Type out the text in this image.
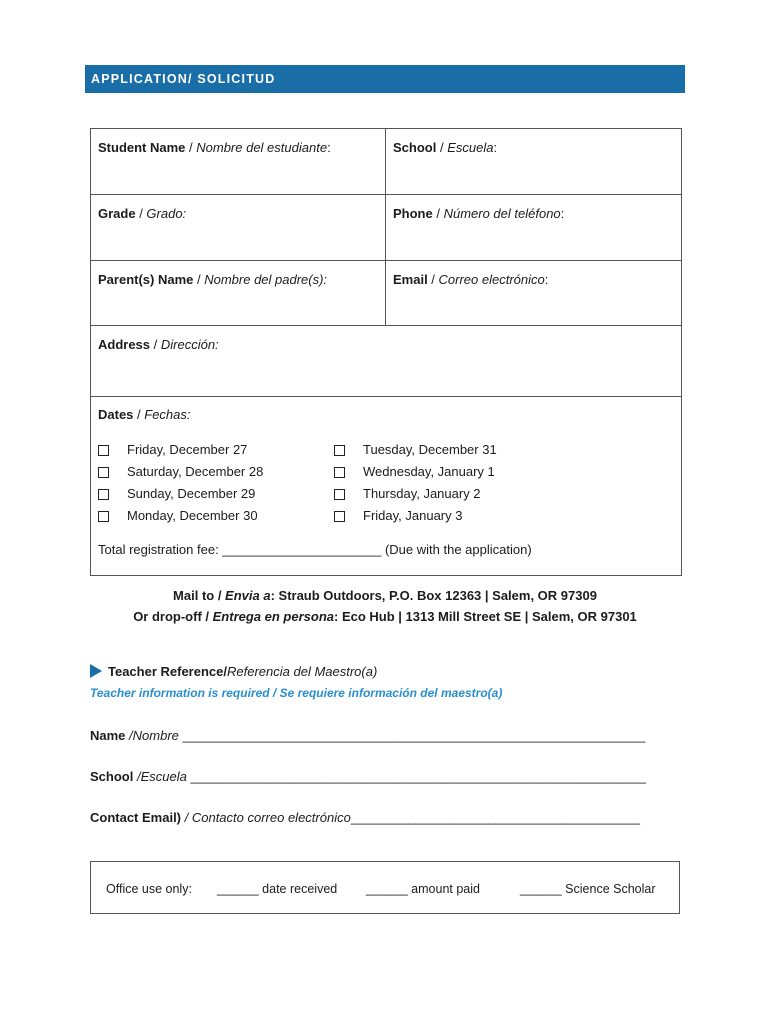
APPLICATION/ SOLICITUD
Student Name / Nombre del estudiante:	School / Escuela:
Grade / Grado:	Phone / Número del teléfono:
Parent(s) Name / Nombre del padre(s):	Email / Correo electrónico:
Address / Dirección:
Dates / Fechas:
Friday, December 27
Saturday, December 28
Sunday, December 29
Monday, December 30
Tuesday, December 31
Wednesday, January 1
Thursday, January 2
Friday, January 3
Total registration fee: ______________________ (Due with the application)
Mail to / Envia a: Straub Outdoors, P.O. Box 12363 | Salem, OR 97309
Or drop-off / Entrega en persona: Eco Hub | 1313 Mill Street SE | Salem, OR 97301
Teacher Reference/Referencia del Maestro(a)
Teacher information is required / Se requiere información del maestro(a)
Name /Nombre ________________________________________________________________
School /Escuela _______________________________________________________________
Contact Email) / Contacto correo electrónico________________________________________
Office use only: ______ date received ______ amount paid	______ Science Scholar
